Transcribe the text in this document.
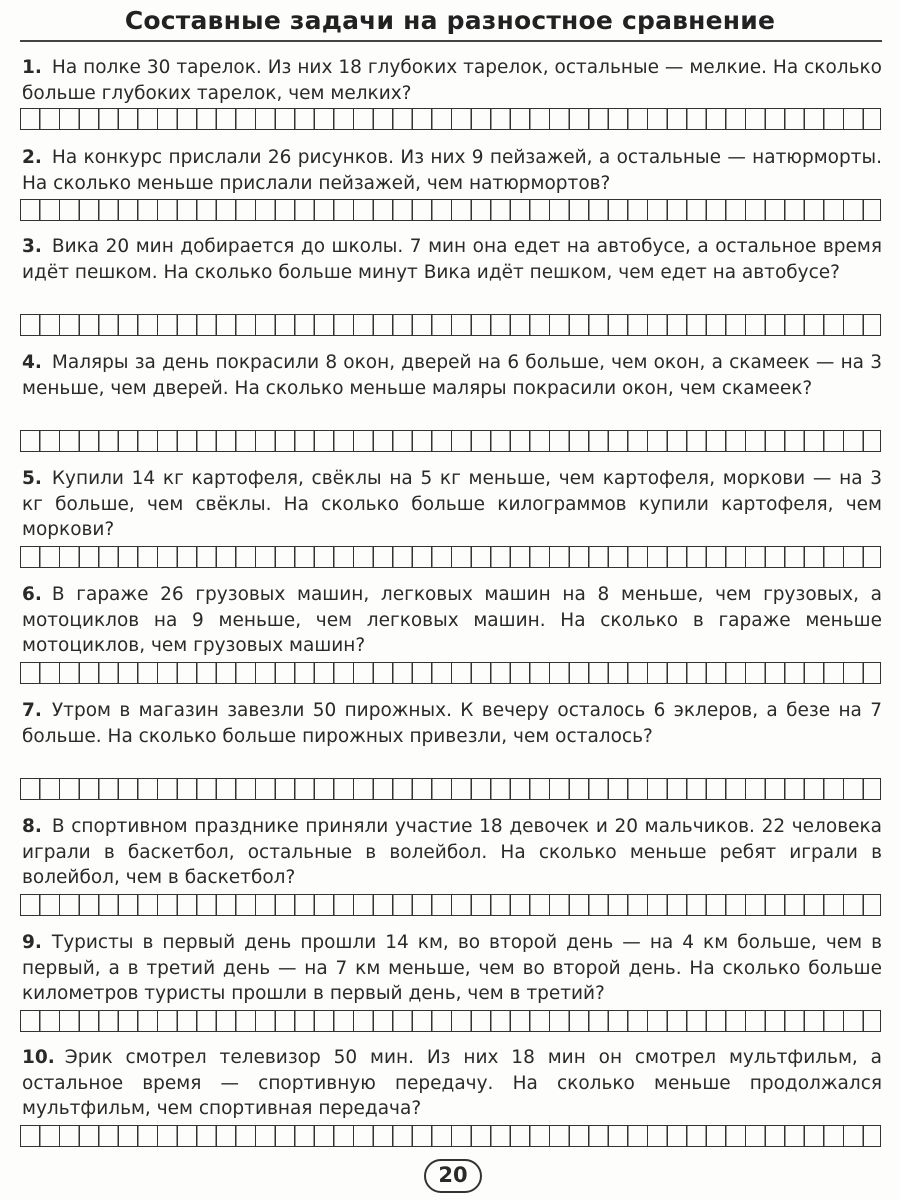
Составные задачи на разностное сравнение

1. На полке 30 тарелок. Из них 18 глубоких тарелок, остальные — мелкие. На сколько больше глубоких тарелок, чем мелких?

2. На конкурс прислали 26 рисунков. Из них 9 пейзажей, а остальные — натюрморты. На сколько меньше прислали пейзажей, чем натюрмортов?

3. Вика 20 мин добирается до школы. 7 мин она едет на автобусе, а остальное время идёт пешком. На сколько больше минут Вика идёт пешком, чем едет на автобусе?

4. Маляры за день покрасили 8 окон, дверей на 6 больше, чем окон, а скамеек — на 3 меньше, чем дверей. На сколько меньше маляры покрасили окон, чем скамеек?

5. Купили 14 кг картофеля, свёклы на 5 кг меньше, чем картофеля, моркови — на 3 кг больше, чем свёклы. На сколько больше килограммов купили картофеля, чем моркови?

6. В гараже 26 грузовых машин, легковых машин на 8 меньше, чем грузовых, а мотоциклов на 9 меньше, чем легковых машин. На сколько в гараже меньше мотоциклов, чем грузовых машин?

7. Утром в магазин завезли 50 пирожных. К вечеру осталось 6 эклеров, а безе на 7 больше. На сколько больше пирожных привезли, чем осталось?

8. В спортивном празднике приняли участие 18 девочек и 20 мальчиков. 22 человека играли в баскетбол, остальные в волейбол. На сколько меньше ребят играли в волейбол, чем в баскетбол?

9. Туристы в первый день прошли 14 км, во второй день — на 4 км больше, чем в первый, а в третий день — на 7 км меньше, чем во второй день. На сколько больше километров туристы прошли в первый день, чем в третий?

10. Эрик смотрел телевизор 50 мин. Из них 18 мин он смотрел мультфильм, а остальное время — спортивную передачу. На сколько меньше продолжался мультфильм, чем спортивная передача?

20
